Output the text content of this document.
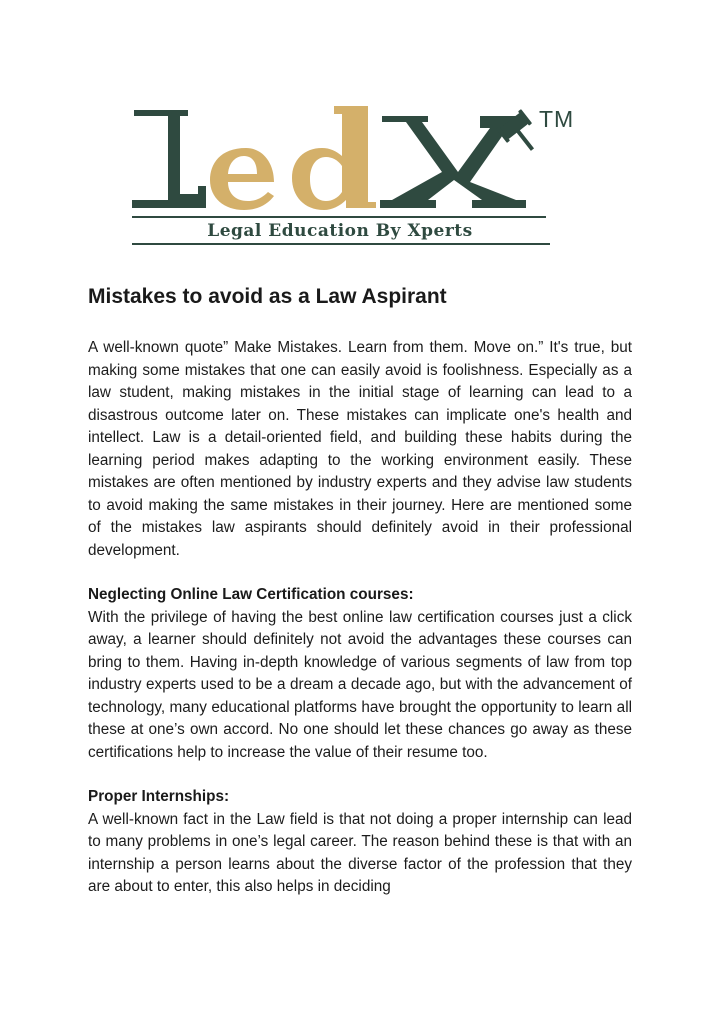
TM
Legal Education By Xperts
Mistakes to avoid as a Law Aspirant

A well-known quote” Make Mistakes. Learn from them. Move on.” It's true, but making some mistakes that one can easily avoid is foolishness. Especially as a law student, making mistakes in the initial stage of learning can lead to a disastrous outcome later on. These mistakes can implicate one's health and intellect. Law is a detail-oriented field, and building these habits during the learning period makes adapting to the working environment easily. These mistakes are often mentioned by industry experts and they advise law students to avoid making the same mistakes in their journey. Here are mentioned some of the mistakes law aspirants should definitely avoid in their professional development.

Neglecting Online Law Certification courses:

With the privilege of having the best online law certification courses just a click away, a learner should definitely not avoid the advantages these courses can bring to them. Having in-depth knowledge of various segments of law from top industry experts used to be a dream a decade ago, but with the advancement of technology, many educational platforms have brought the opportunity to learn all these at one’s own accord. No one should let these chances go away as these certifications help to increase the value of their resume too.

Proper Internships:

A well-known fact in the Law field is that not doing a proper internship can lead to many problems in one’s legal career. The reason behind these is that with an internship a person learns about the diverse factor of the profession that they are about to enter, this also helps in deciding
